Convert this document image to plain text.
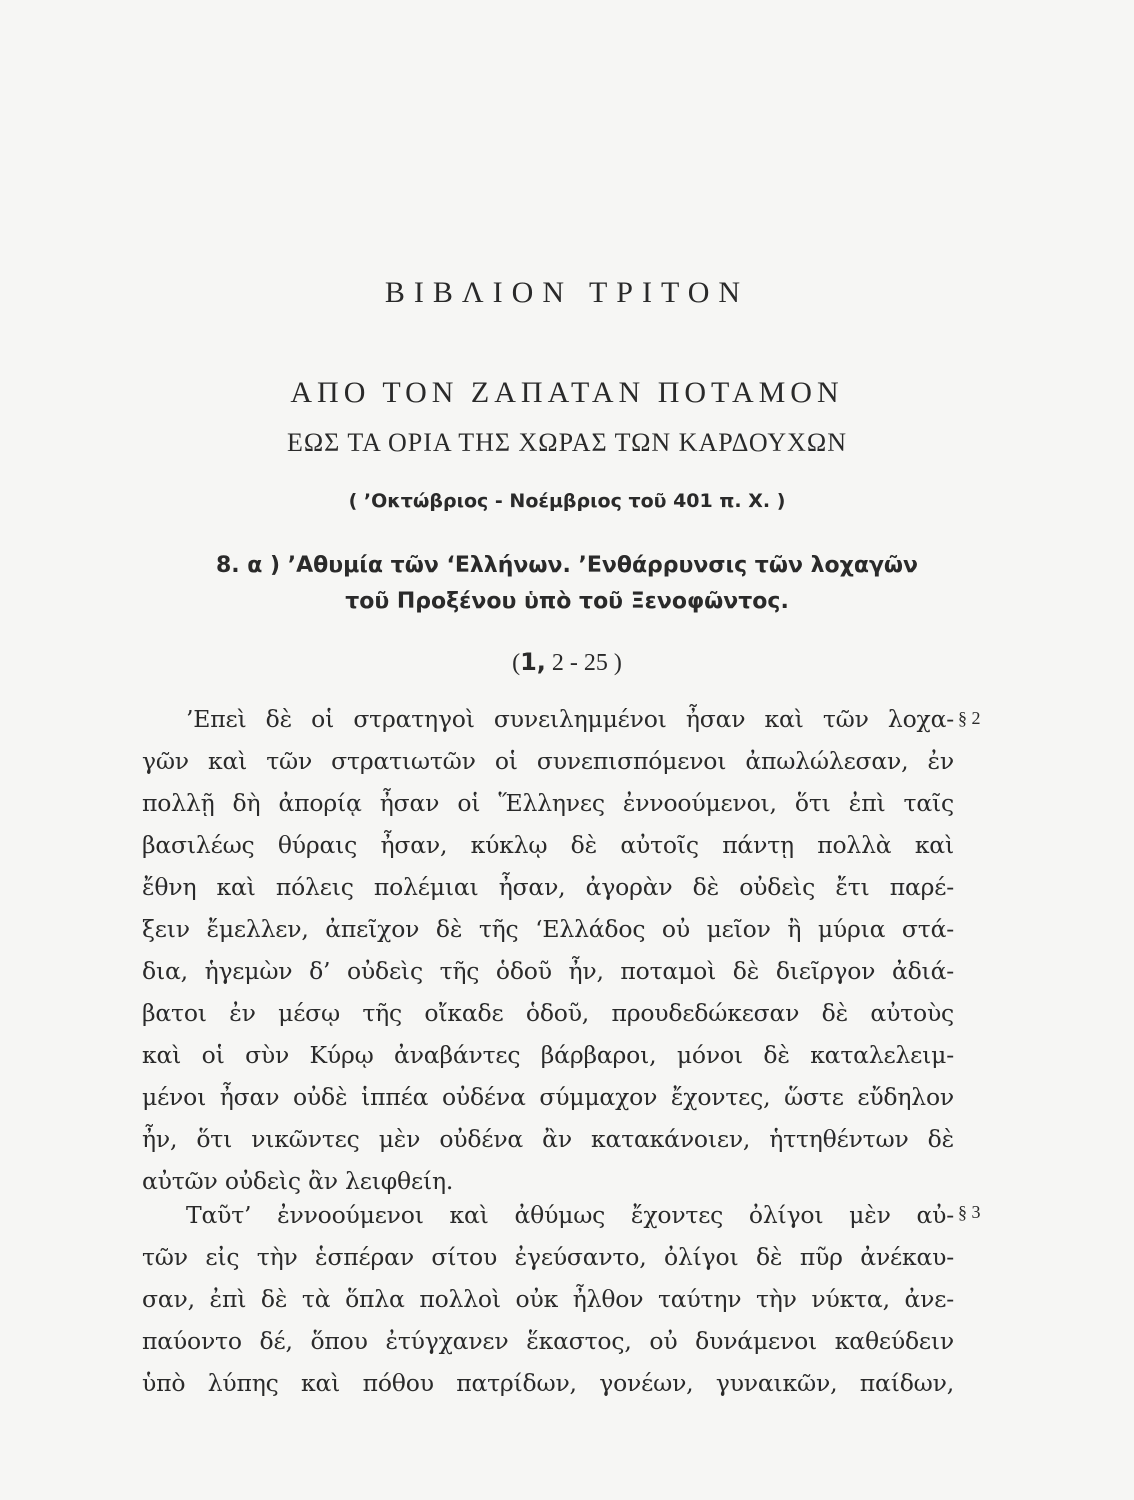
ΒΙΒΛΙΟΝ ΤΡΙΤΟΝ
ΑΠΟ ΤΟΝ ΖΑΠΑΤΑΝ ΠΟΤΑΜΟΝ
ΕΩΣ ΤΑ ΟΡΙΑ ΤΗΣ ΧΩΡΑΣ ΤΩΝ ΚΑΡΔΟΥΧΩΝ
( ’Οκτώβριος - Νοέμβριος τοῦ 401 π. Χ. )
8. α ) ’Αθυμία τῶν ‘Ελλήνων. ’Ενθάρρυνσις τῶν λοχαγῶν
τοῦ Προξένου ὑπὸ τοῦ Ξενοφῶντος.
(1, 2 - 25 )
§ 2
’Επεὶ δὲ οἱ στρατηγοὶ συνειλημμένοι ἦσαν καὶ τῶν λοχα-
γῶν καὶ τῶν στρατιωτῶν οἱ συνεπισπόμενοι ἀπωλώλεσαν, ἐν
πολλῇ δὴ ἀπορίᾳ ἦσαν οἱ Ἕλληνες ἐννοούμενοι, ὅτι ἐπὶ ταῖς
βασιλέως θύραις ἦσαν, κύκλῳ δὲ αὐτοῖς πάντῃ πολλὰ καὶ
ἔθνη καὶ πόλεις πολέμιαι ἦσαν, ἀγορὰν δὲ οὐδεὶς ἔτι παρέ-
ξειν ἔμελλεν, ἀπεῖχον δὲ τῆς ‘Ελλάδος οὐ μεῖον ἢ μύρια στά-
δια, ἡγεμὼν δ’ οὐδεὶς τῆς ὁδοῦ ἦν, ποταμοὶ δὲ διεῖργον ἀδιά-
βατοι ἐν μέσῳ τῆς οἴκαδε ὁδοῦ, προυδεδώκεσαν δὲ αὐτοὺς
καὶ οἱ σὺν Κύρῳ ἀναβάντες βάρβαροι, μόνοι δὲ καταλελειμ-
μένοι ἦσαν οὐδὲ ἱππέα οὐδένα σύμμαχον ἔχοντες, ὥστε εὔδηλον
ἦν, ὅτι νικῶντες μὲν οὐδένα ἂν κατακάνοιεν, ἡττηθέντων δὲ
αὐτῶν οὐδεὶς ἂν λειφθείη.
§ 3
Ταῦτ’ ἐννοούμενοι καὶ ἀθύμως ἔχοντες ὀλίγοι μὲν αὐ-
τῶν εἰς τὴν ἑσπέραν σίτου ἐγεύσαντο, ὀλίγοι δὲ πῦρ ἀνέκαυ-
σαν, ἐπὶ δὲ τὰ ὅπλα πολλοὶ οὐκ ἦλθον ταύτην τὴν νύκτα, ἀνε-
παύοντο δέ, ὅπου ἐτύγχανεν ἕκαστος, οὐ δυνάμενοι καθεύδειν
ὑπὸ λύπης καὶ πόθου πατρίδων, γονέων, γυναικῶν, παίδων,
